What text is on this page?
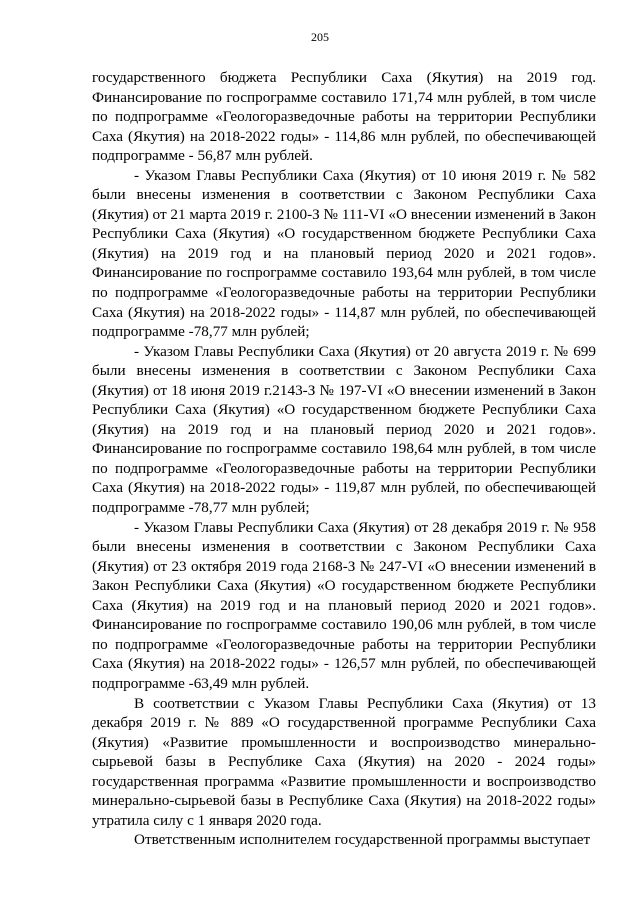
205

государственного бюджета Республики Саха (Якутия) на 2019 год. Финансирование по госпрограмме составило 171,74 млн рублей, в том числе по подпрограмме «Геологоразведочные работы на территории Республики Саха (Якутия) на 2018-2022 годы» - 114,86 млн рублей, по обеспечивающей подпрограмме - 56,87 млн рублей.

- Указом Главы Республики Саха (Якутия) от 10 июня 2019 г. № 582 были внесены изменения в соответствии с Законом Республики Саха (Якутия) от 21 марта 2019 г. 2100-З № 111-VI «О внесении изменений в Закон Республики Саха (Якутия) «О государственном бюджете Республики Саха (Якутия) на 2019 год и на плановый период 2020 и 2021 годов». Финансирование по госпрограмме составило 193,64 млн рублей, в том числе по подпрограмме «Геологоразведочные работы на территории Республики Саха (Якутия) на 2018-2022 годы» - 114,87 млн рублей, по обеспечивающей подпрограмме -78,77 млн рублей;

- Указом Главы Республики Саха (Якутия) от 20 августа 2019 г. № 699 были внесены изменения в соответствии с Законом Республики Саха (Якутия) от 18 июня 2019 г.2143-З № 197-VI «О внесении изменений в Закон Республики Саха (Якутия) «О государственном бюджете Республики Саха (Якутия) на 2019 год и на плановый период 2020 и 2021 годов». Финансирование по госпрограмме составило 198,64 млн рублей, в том числе по подпрограмме «Геологоразведочные работы на территории Республики Саха (Якутия) на 2018-2022 годы» - 119,87 млн рублей, по обеспечивающей подпрограмме -78,77 млн рублей;

- Указом Главы Республики Саха (Якутия) от 28 декабря 2019 г. № 958 были внесены изменения в соответствии с Законом Республики Саха (Якутия) от 23 октября 2019 года 2168-З № 247-VI «О внесении изменений в Закон Республики Саха (Якутия) «О государственном бюджете Республики Саха (Якутия) на 2019 год и на плановый период 2020 и 2021 годов». Финансирование по госпрограмме составило 190,06 млн рублей, в том числе по подпрограмме «Геологоразведочные работы на территории Республики Саха (Якутия) на 2018-2022 годы» - 126,57 млн рублей, по обеспечивающей подпрограмме -63,49 млн рублей.

В соответствии с Указом Главы Республики Саха (Якутия) от 13 декабря 2019 г. № 889 «О государственной программе Республики Саха (Якутия) «Развитие промышленности и воспроизводство минерально-сырьевой базы в Республике Саха (Якутия) на 2020 - 2024 годы» государственная программа «Развитие промышленности и воспроизводство минерально-сырьевой базы в Республике Саха (Якутия) на 2018-2022 годы» утратила силу с 1 января 2020 года.

Ответственным исполнителем государственной программы выступает
